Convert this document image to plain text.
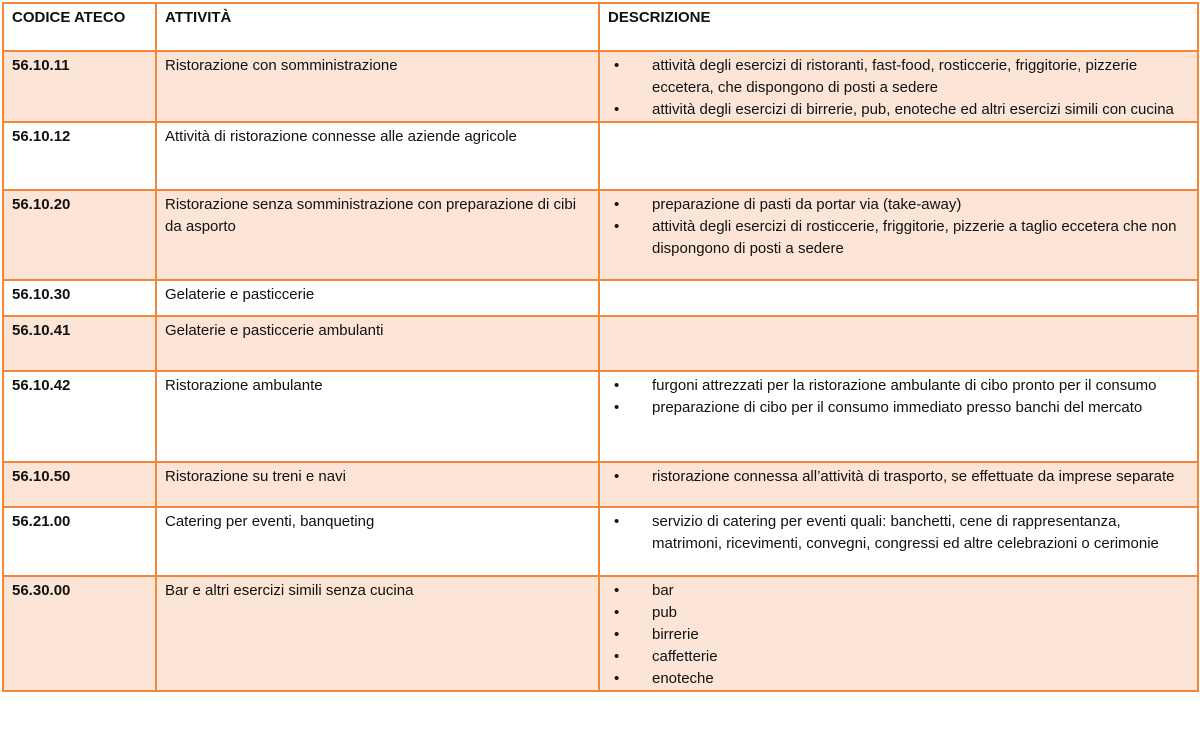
CODICE ATECO	ATTIVITÀ	DESCRIZIONE
56.10.11	Ristorazione con somministrazione	
•attività degli esercizi di ristoranti, fast-food, rosticcerie, friggitorie, pizzerie eccetera, che dispongono di posti a sedere
• attività degli esercizi di birrerie, pub, enoteche ed altri esercizi simili con cucina

56.10.12	Attività di ristorazione connesse alle aziende agricole	
56.10.20	Ristorazione senza somministrazione con preparazione di cibi da asporto	
• preparazione di pasti da portar via (take-away)
• attività degli esercizi di rosticcerie, friggitorie, pizzerie a taglio eccetera che non dispongono di posti a sedere

56.10.30	Gelaterie e pasticcerie	
56.10.41	Gelaterie e pasticcerie ambulanti	
56.10.42	Ristorazione ambulante	
•furgoni attrezzati per la ristorazione ambulante di cibo pronto per il consumo
• preparazione di cibo per il consumo immediato presso banchi del mercato

56.10.50	Ristorazione su treni e navi	
•ristorazione connessa all’attività di trasporto, se effettuate da imprese separate

56.21.00	Catering per eventi, banqueting	
•servizio di catering per eventi quali: banchetti, cene di rappresentanza, matrimoni, ricevimenti, convegni, congressi ed altre celebrazioni o cerimonie

56.30.00	Bar e altri esercizi simili senza cucina	
•bar
• pub
• birrerie
• caffetterie
• enoteche
